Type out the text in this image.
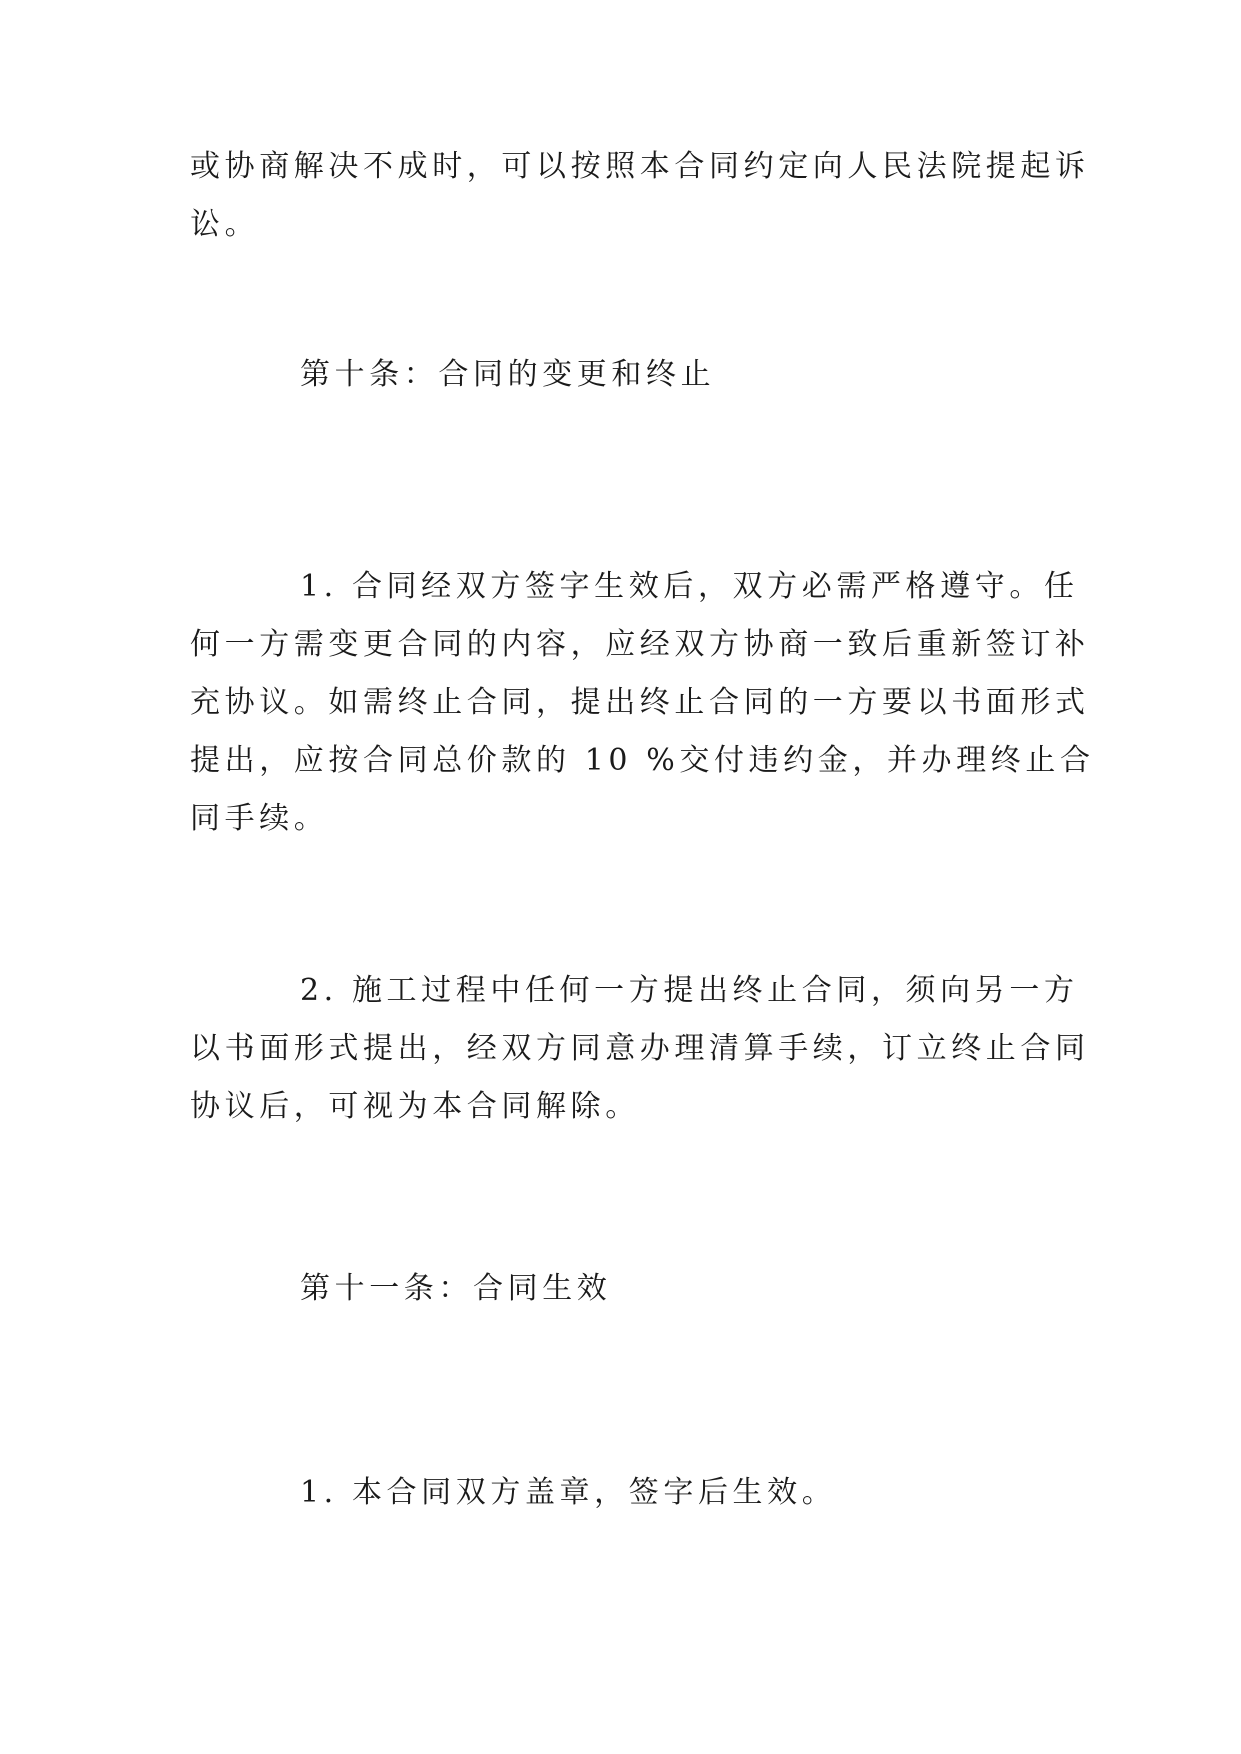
或协商解决不成时，可以按照本合同约定向人民法院提起诉
讼。
第十条：合同的变更和终止
1. 合同经双方签字生效后，双方必需严格遵守。任
何一方需变更合同的内容，应经双方协商一致后重新签订补
充协议。如需终止合同，提出终止合同的一方要以书面形式
提出，应按合同总价款的 10 %交付违约金，并办理终止合
同手续。
2. 施工过程中任何一方提出终止合同，须向另一方
以书面形式提出，经双方同意办理清算手续，订立终止合同
协议后，可视为本合同解除。
第十一条：合同生效
1. 本合同双方盖章，签字后生效。
